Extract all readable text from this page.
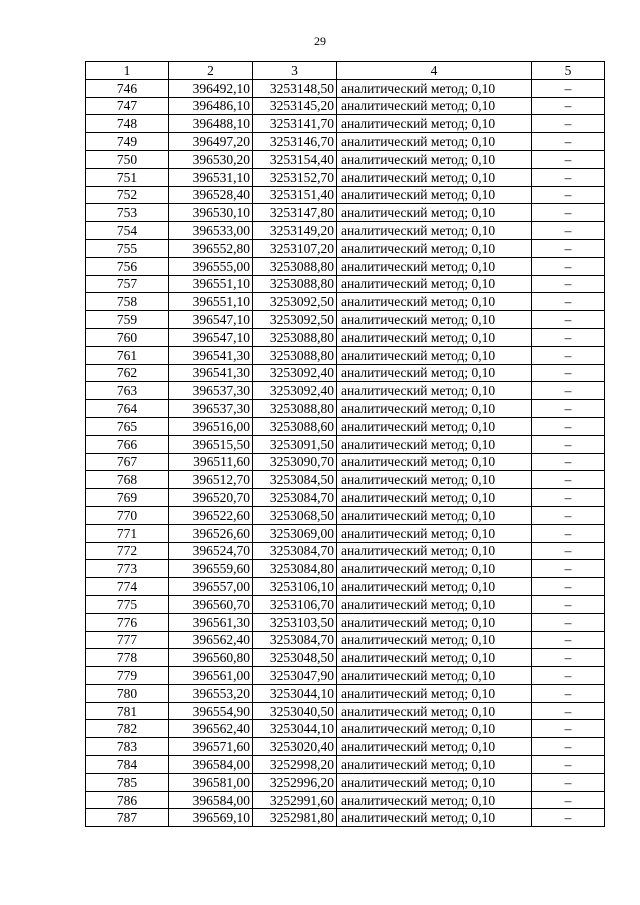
29
1	2	3	4	5
746	396492,10	3253148,50	аналитический метод; 0,10	–
747	396486,10	3253145,20	аналитический метод; 0,10	–
748	396488,10	3253141,70	аналитический метод; 0,10	–
749	396497,20	3253146,70	аналитический метод; 0,10	–
750	396530,20	3253154,40	аналитический метод; 0,10	–
751	396531,10	3253152,70	аналитический метод; 0,10	–
752	396528,40	3253151,40	аналитический метод; 0,10	–
753	396530,10	3253147,80	аналитический метод; 0,10	–
754	396533,00	3253149,20	аналитический метод; 0,10	–
755	396552,80	3253107,20	аналитический метод; 0,10	–
756	396555,00	3253088,80	аналитический метод; 0,10	–
757	396551,10	3253088,80	аналитический метод; 0,10	–
758	396551,10	3253092,50	аналитический метод; 0,10	–
759	396547,10	3253092,50	аналитический метод; 0,10	–
760	396547,10	3253088,80	аналитический метод; 0,10	–
761	396541,30	3253088,80	аналитический метод; 0,10	–
762	396541,30	3253092,40	аналитический метод; 0,10	–
763	396537,30	3253092,40	аналитический метод; 0,10	–
764	396537,30	3253088,80	аналитический метод; 0,10	–
765	396516,00	3253088,60	аналитический метод; 0,10	–
766	396515,50	3253091,50	аналитический метод; 0,10	–
767	396511,60	3253090,70	аналитический метод; 0,10	–
768	396512,70	3253084,50	аналитический метод; 0,10	–
769	396520,70	3253084,70	аналитический метод; 0,10	–
770	396522,60	3253068,50	аналитический метод; 0,10	–
771	396526,60	3253069,00	аналитический метод; 0,10	–
772	396524,70	3253084,70	аналитический метод; 0,10	–
773	396559,60	3253084,80	аналитический метод; 0,10	–
774	396557,00	3253106,10	аналитический метод; 0,10	–
775	396560,70	3253106,70	аналитический метод; 0,10	–
776	396561,30	3253103,50	аналитический метод; 0,10	–
777	396562,40	3253084,70	аналитический метод; 0,10	–
778	396560,80	3253048,50	аналитический метод; 0,10	–
779	396561,00	3253047,90	аналитический метод; 0,10	–
780	396553,20	3253044,10	аналитический метод; 0,10	–
781	396554,90	3253040,50	аналитический метод; 0,10	–
782	396562,40	3253044,10	аналитический метод; 0,10	–
783	396571,60	3253020,40	аналитический метод; 0,10	–
784	396584,00	3252998,20	аналитический метод; 0,10	–
785	396581,00	3252996,20	аналитический метод; 0,10	–
786	396584,00	3252991,60	аналитический метод; 0,10	–
787	396569,10	3252981,80	аналитический метод; 0,10	–
